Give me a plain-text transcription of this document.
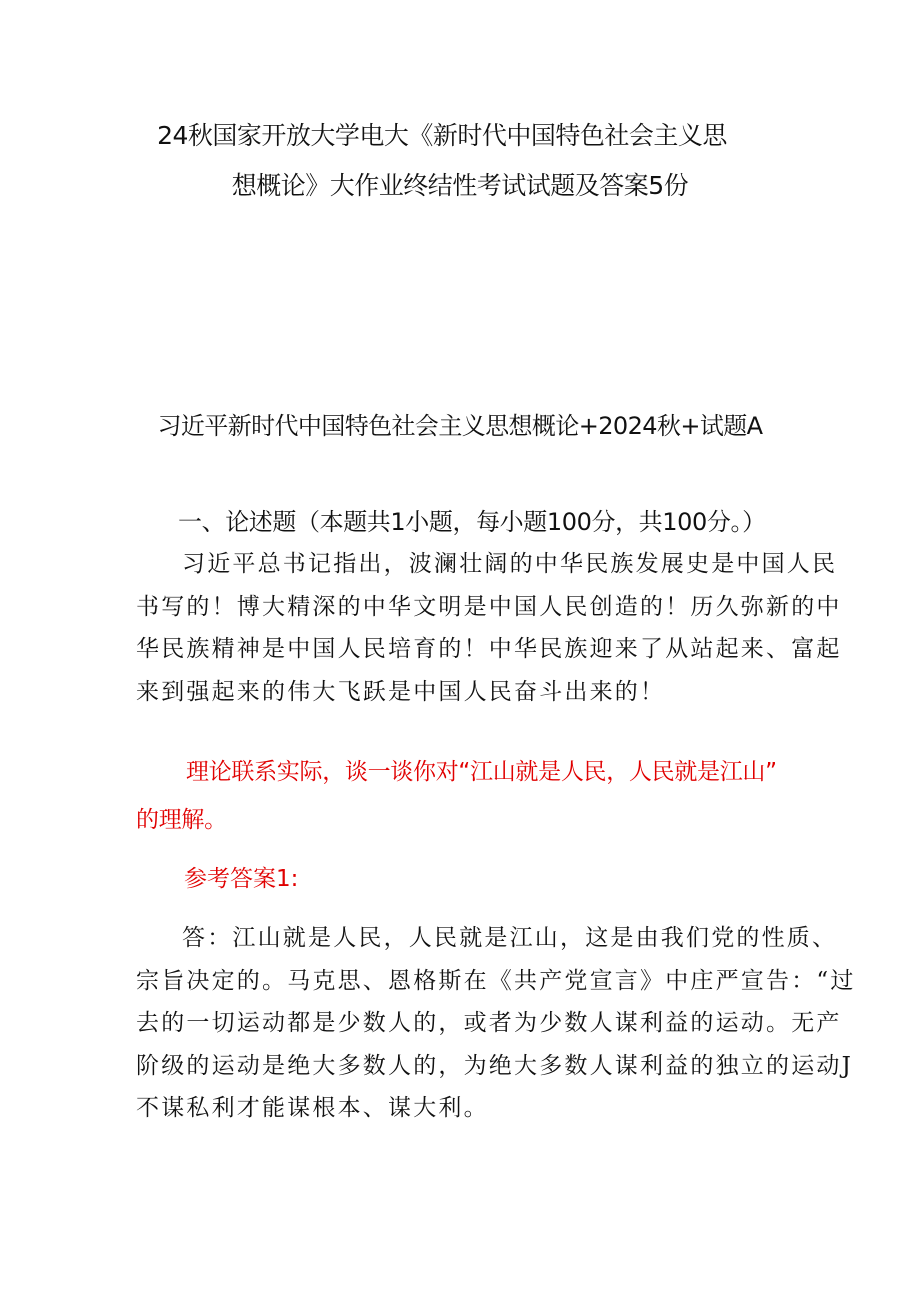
24秋国家开放大学电大《新时代中国特色社会主义思
想概论》大作业终结性考试试题及答案5份
习近平新时代中国特色社会主义思想概论+2024秋+试题A
一、论述题（本题共1小题，每小题100分，共100分。）
习近平总书记指出，波澜壮阔的中华民族发展史是中国人民
书写的！博大精深的中华文明是中国人民创造的！历久弥新的中
华民族精神是中国人民培育的！中华民族迎来了从站起来、富起
来到强起来的伟大飞跃是中国人民奋斗出来的！
理论联系实际，谈一谈你对“江山就是人民，人民就是江山”
的理解。
参考答案1:
答：江山就是人民，人民就是江山，这是由我们党的性质、
宗旨决定的。马克思、恩格斯在《共产党宣言》中庄严宣告：“过
去的一切运动都是少数人的，或者为少数人谋利益的运动。无产
阶级的运动是绝大多数人的，为绝大多数人谋利益的独立的运动J
不谋私利才能谋根本、谋大利。
